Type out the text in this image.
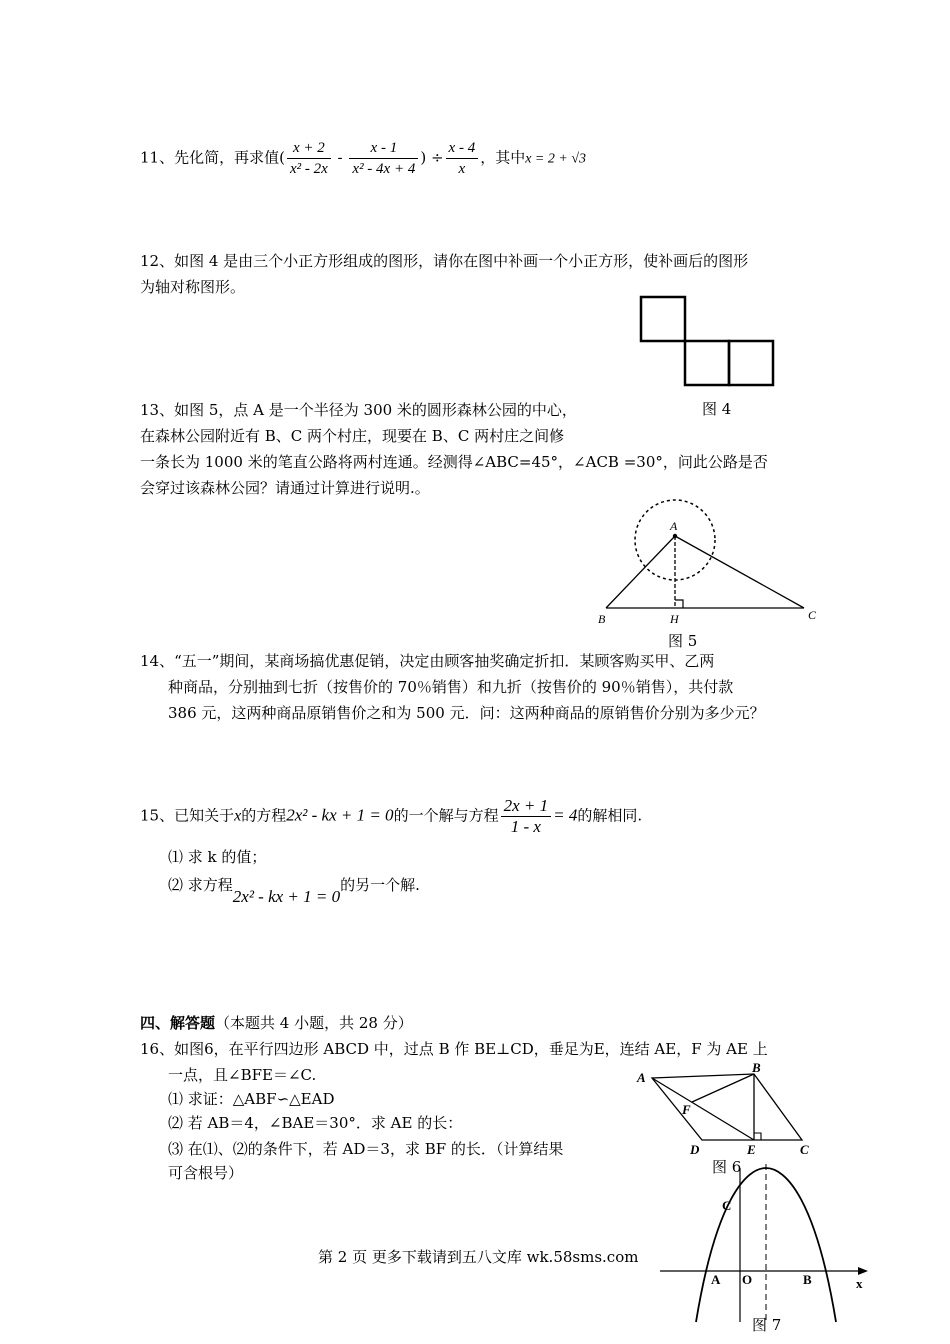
11、先化简，再求值( $\frac{x + 2}{\text{x² - 2x}} - \frac{x - 1}{\text{x² - 4x + 4}}$ ) ÷ $\frac{x - 4}{x}$ ，其中x = 2 + √3
12、如图 4 是由三个小正方形组成的图形，请你在图中补画一个小正方形，使补画后的图形
为轴对称图形。
图 4
13、如图 5，点 A 是一个半径为 300 米的圆形森林公园的中心，
在森林公园附近有 B、C 两个村庄，现要在 B、C 两村庄之间修
一条长为 1000 米的笔直公路将两村连通。经测得∠ABC=45°，∠ACB =30°，问此公路是否
会穿过该森林公园？请通过计算进行说明.。
A
B	C
H
图 5
14、“五一”期间，某商场搞优惠促销，决定由顾客抽奖确定折扣．某顾客购买甲、乙两
种商品，分别抽到七折（按售价的 70％销售）和九折（按售价的 90％销售），共付款
386 元，这两种商品原销售价之和为 500 元．问：这两种商品的原销售价分别为多少元？
15、已知关于x的方程2x² - kx + 1 = 0的一个解与方程 $\frac{2x + 1}{1 - x} = 4$的解相同.
⑴ 求 k 的值；
⑵ 求方程2x² - kx + 1 = 0的另一个解.
四、解答题（本题共 4 小题，共 28 分）
16、如图6，在平行四边形 ABCD 中，过点 B 作 BE⊥CD，垂足为E，连结 AE，F 为 AE 上
一点，且∠BFE＝∠C.
⑴ 求证：△ABF∽△EAD
⑵ 若 AB＝4，∠BAE＝30°．求 AE 的长：
⑶ 在⑴、⑵的条件下，若 AD＝3，求 BF 的长．（计算结果
可含根号）
A
B
C
D	E
F
图 6
A O	B
C
x
图 7
第 2 页 更多下载请到五八文库 wk.58sms.com
